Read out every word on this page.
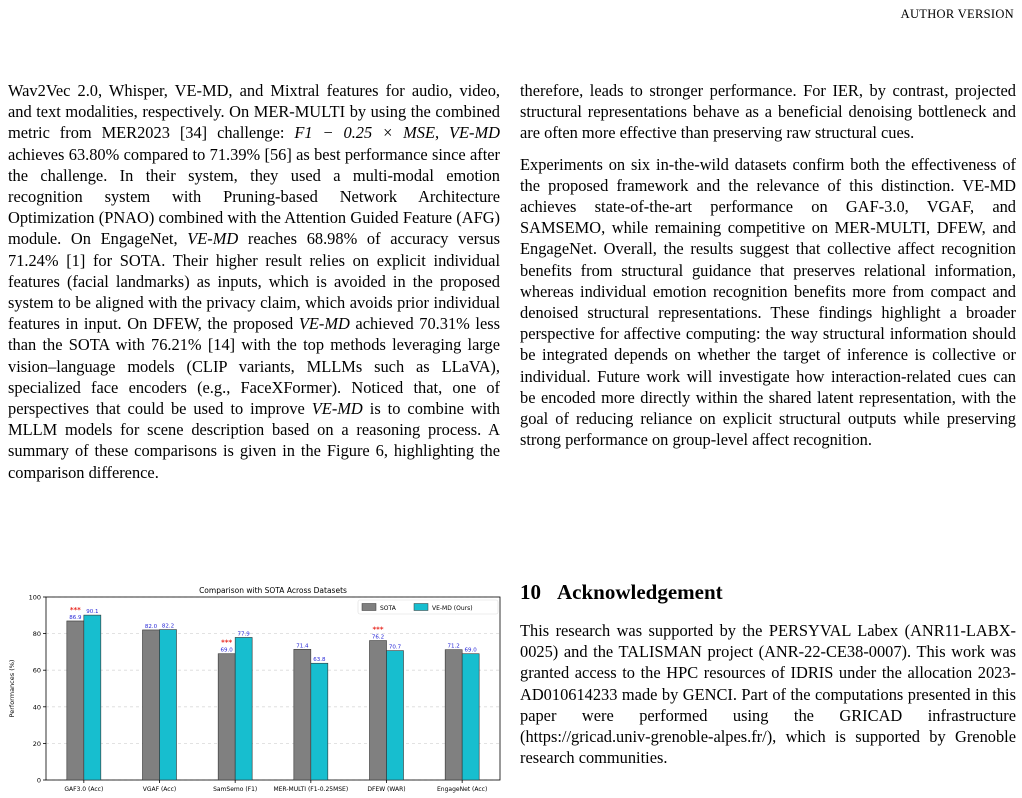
AUTHOR VERSION

Wav2Vec 2.0, Whisper, VE-MD, and Mixtral features for audio, video, and text modalities, respectively. On MER-MULTI by using the combined metric from MER2023 [34] challenge: F1 − 0.25 × MSE, VE-MD achieves 63.80% compared to 71.39% [56] as best performance since after the challenge. In their system, they used a multi-modal emotion recognition system with Pruning-based Network Architecture Optimization (PNAO) combined with the Attention Guided Feature (AFG) module. On EngageNet, VE-MD reaches 68.98% of accuracy versus 71.24% [1] for SOTA. Their higher result relies on explicit individual features (facial landmarks) as inputs, which is avoided in the proposed system to be aligned with the privacy claim, which avoids prior individual features in input. On DFEW, the proposed VE-MD achieved 70.31% less than the SOTA with 76.21% [14] with the top methods leveraging large vision–language models (CLIP variants, MLLMs such as LLaVA), specialized face encoders (e.g., FaceXFormer). Noticed that, one of perspectives that could be used to improve VE-MD is to combine with MLLM models for scene description based on a reasoning process. A summary of these comparisons is given in the Figure 6, highlighting the comparison difference.

therefore, leads to stronger performance. For IER, by contrast, projected structural representations behave as a beneficial denoising bottleneck and are often more effective than preserving raw structural cues.

Experiments on six in-the-wild datasets confirm both the effectiveness of the proposed framework and the relevance of this distinction. VE-MD achieves state-of-the-art performance on GAF-3.0, VGAF, and SAMSEMO, while remaining competitive on MER-MULTI, DFEW, and EngageNet. Overall, the results suggest that collective affect recognition benefits from structural guidance that preserves relational information, whereas individual emotion recognition benefits more from compact and denoised structural representations. These findings highlight a broader perspective for affective computing: the way structural information should be integrated depends on whether the target of inference is collective or individual. Future work will investigate how interaction-related cues can be encoded more directly within the shared latent representation, with the goal of reducing reliance on explicit structural outputs while preserving strong performance on group-level affect recognition.

10 Acknowledgement

This research was supported by the PERSYVAL Labex (ANR11-LABX-0025) and the TALISMAN project (ANR-22-CE38-0007). This work was granted access to the HPC resources of IDRIS under the allocation 2023-AD010614233 made by GENCI. Part of the computations presented in this paper were performed using the GRICAD infrastructure (https://gricad.univ-grenoble-alpes.fr/), which is supported by Grenoble research communities.

0
20
40
60
80
100
Performances (%)
Comparison with SOTA Across Datasets
86.9
90.1
***
GAF3.0 (Acc)
82.0 82.2
VGAF (Acc)
69.0
77.9
***
SamSemo (F1)
71.4
63.8
MER-MULTI (F1-0.25MSE)
76.2
70.7
***
DFEW (WAR)
71.2
69.0
EngageNet (Acc)
SOTA	VE-MD (Ours)
